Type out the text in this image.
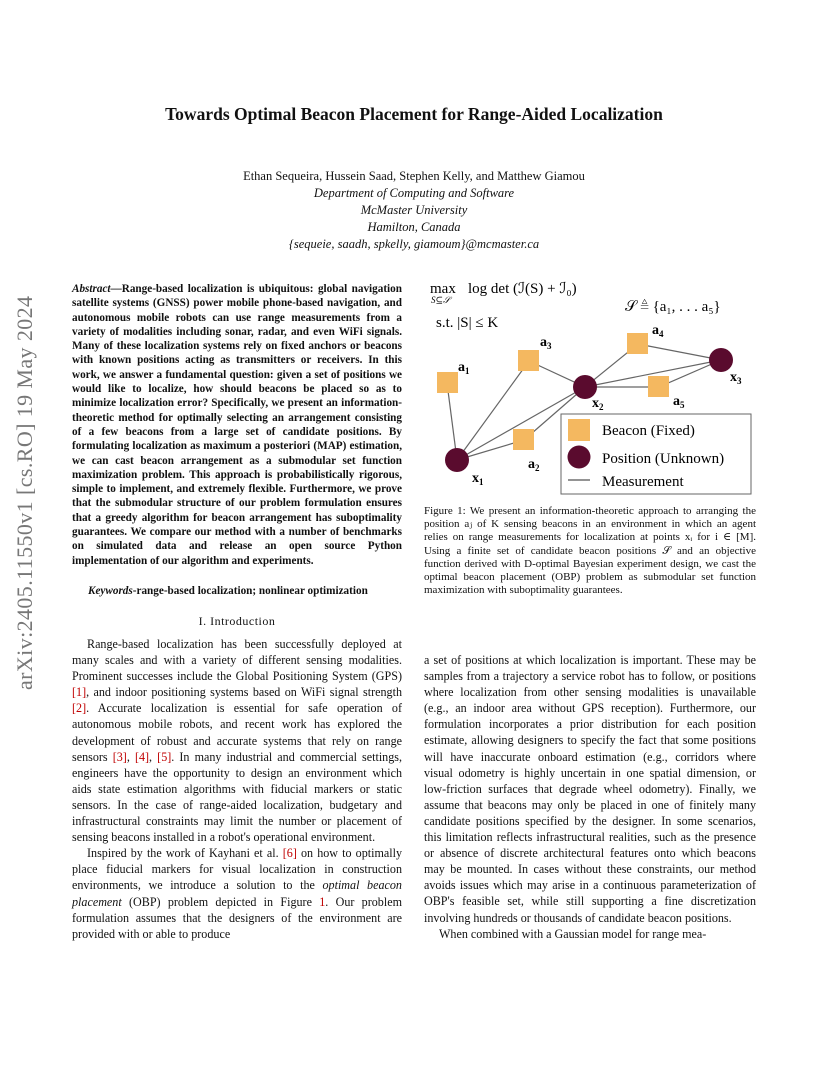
arXiv:2405.11550v1 [cs.RO] 19 May 2024
Towards Optimal Beacon Placement for Range-Aided Localization
Ethan Sequeira, Hussein Saad, Stephen Kelly, and Matthew Giamou
Department of Computing and Software
McMaster University
Hamilton, Canada
{sequeie, saadh, spkelly, giamoum}@mcmaster.ca
Abstract—Range-based localization is ubiquitous: global navigation satellite systems (GNSS) power mobile phone-based navigation, and autonomous mobile robots can use range measurements from a variety of modalities including sonar, radar, and even WiFi signals. Many of these localization systems rely on fixed anchors or beacons with known positions acting as transmitters or receivers. In this work, we answer a fundamental question: given a set of positions we would like to localize, how should beacons be placed so as to minimize localization error? Specifically, we present an information-theoretic method for optimally selecting an arrangement consisting of a few beacons from a large set of candidate positions. By formulating localization as maximum a posteriori (MAP) estimation, we can cast beacon arrangement as a submodular set function maximization problem. This approach is probabilistically rigorous, simple to implement, and extremely flexible. Furthermore, we prove that the submodular structure of our problem formulation ensures that a greedy algorithm for beacon arrangement has suboptimality guarantees. We compare our method with a number of benchmarks on simulated data and release an open source Python implementation of our algorithm and experiments.
Keywords-range-based localization; nonlinear optimization
I. Introduction

Range-based localization has been successfully deployed at many scales and with a variety of different sensing modalities. Prominent successes include the Global Positioning System (GPS) [1], and indoor positioning systems based on WiFi signal strength [2]. Accurate localization is essential for safe operation of autonomous mobile robots, and recent work has explored the development of robust and accurate systems that rely on range sensors [3], [4], [5]. In many industrial and commercial settings, engineers have the opportunity to design an environment which aids state estimation algorithms with fiducial markers or static sensors. In the case of range-aided localization, budgetary and infrastructural constraints may limit the number or placement of sensing beacons installed in a robot's operational environment.

Inspired by the work of Kayhani et al. [6] on how to optimally place fiducial markers for visual localization in construction environments, we introduce a solution to the optimal beacon placement (OBP) problem depicted in Figure 1. Our problem formulation assumes that the designers of the environment are provided with or able to produce

a set of positions at which localization is important. These may be samples from a trajectory a service robot has to follow, or positions where localization from other sensing modalities is unavailable (e.g., an indoor area without GPS reception). Furthermore, our formulation incorporates a prior distribution for each position estimate, allowing designers to specify the fact that some positions will have inaccurate onboard estimation (e.g., corridors where visual odometry is highly uncertain in one spatial dimension, or low-friction surfaces that degrade wheel odometry). Finally, we assume that beacons may only be placed in one of finitely many candidate positions specified by the designer. In some scenarios, this limitation reflects infrastructural realities, such as the presence or absence of discrete architectural features onto which beacons may be mounted. In cases without these constraints, our method avoids issues which may arise in a continuous parameterization of OBP's feasible set, while still supporting a fine discretization involving hundreds or thousands of candidate beacon positions.

When combined with a Gaussian model for range mea-

max
S⊆𝒮
log det (ℐ(S) + ℐ₀)
s.t. |S| ≤ K
𝒮 ≜ {a₁, . . . a₅}
$a_1$
$a_2$
$a_3$
$a_4$
$a_5$
$x_1$
$x_2$
$x_3$
Beacon (Fixed)
Position (Unknown)
Measurement
Figure 1: We present an information-theoretic approach to arranging the position aⱼ of K sensing beacons in an environment in which an agent relies on range measurements for localization at points xᵢ for i ∈ [M]. Using a finite set of candidate beacon positions 𝒮 and an objective function derived with D-optimal Bayesian experiment design, we cast the optimal beacon placement (OBP) problem as submodular set function maximization with suboptimality guarantees.
